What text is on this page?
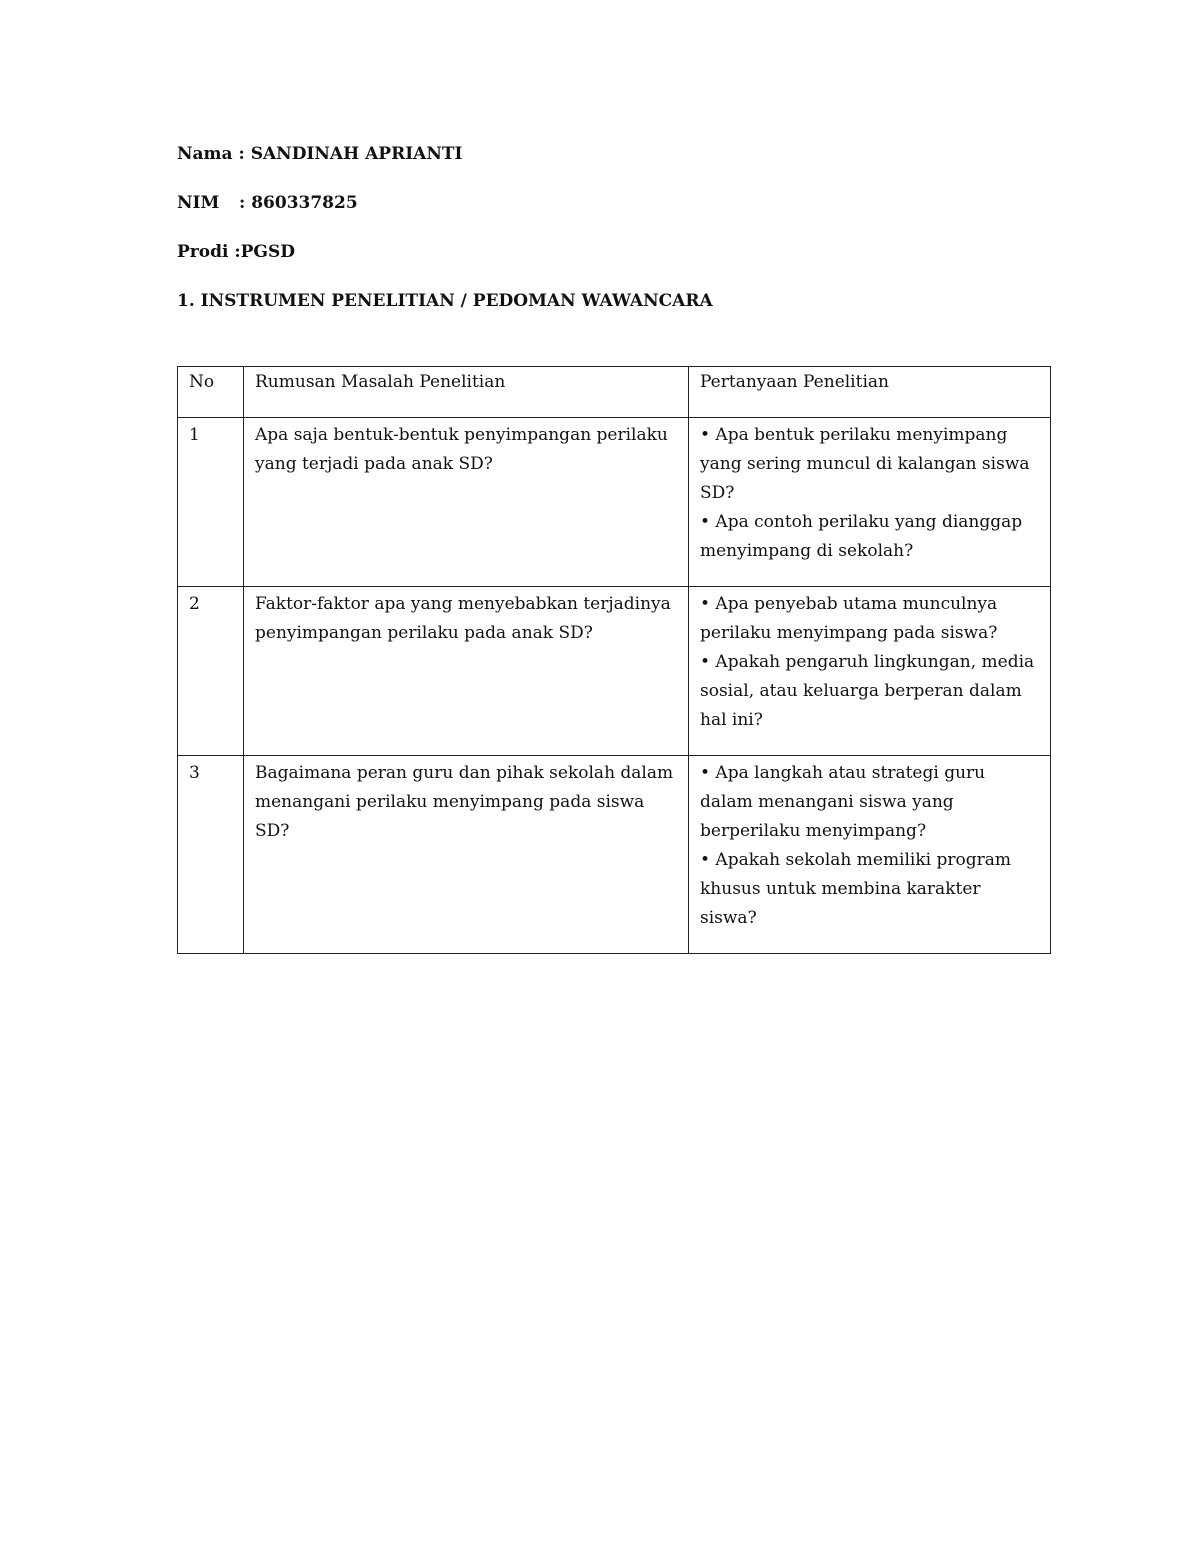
Nama : SANDINAH APRIANTI
NIM : 860337825
Prodi :PGSD
1. INSTRUMEN PENELITIAN / PEDOMAN WAWANCARA
No	Rumusan Masalah Penelitian	Pertanyaan Penelitian
1	Apa saja bentuk-bentuk penyimpangan perilaku yang terjadi pada anak SD?	• Apa bentuk perilaku menyimpang yang sering muncul di kalangan siswa SD?
• Apa contoh perilaku yang dianggap menyimpang di sekolah?

2	Faktor-faktor apa yang menyebabkan terjadinya penyimpangan perilaku pada anak SD?	• Apa penyebab utama munculnya perilaku menyimpang pada siswa?
• Apakah pengaruh lingkungan, media sosial, atau keluarga berperan dalam hal ini?

3	Bagaimana peran guru dan pihak sekolah dalam menangani perilaku menyimpang pada siswa SD?	• Apa langkah atau strategi guru dalam menangani siswa yang berperilaku menyimpang?
• Apakah sekolah memiliki program khusus untuk membina karakter siswa?
